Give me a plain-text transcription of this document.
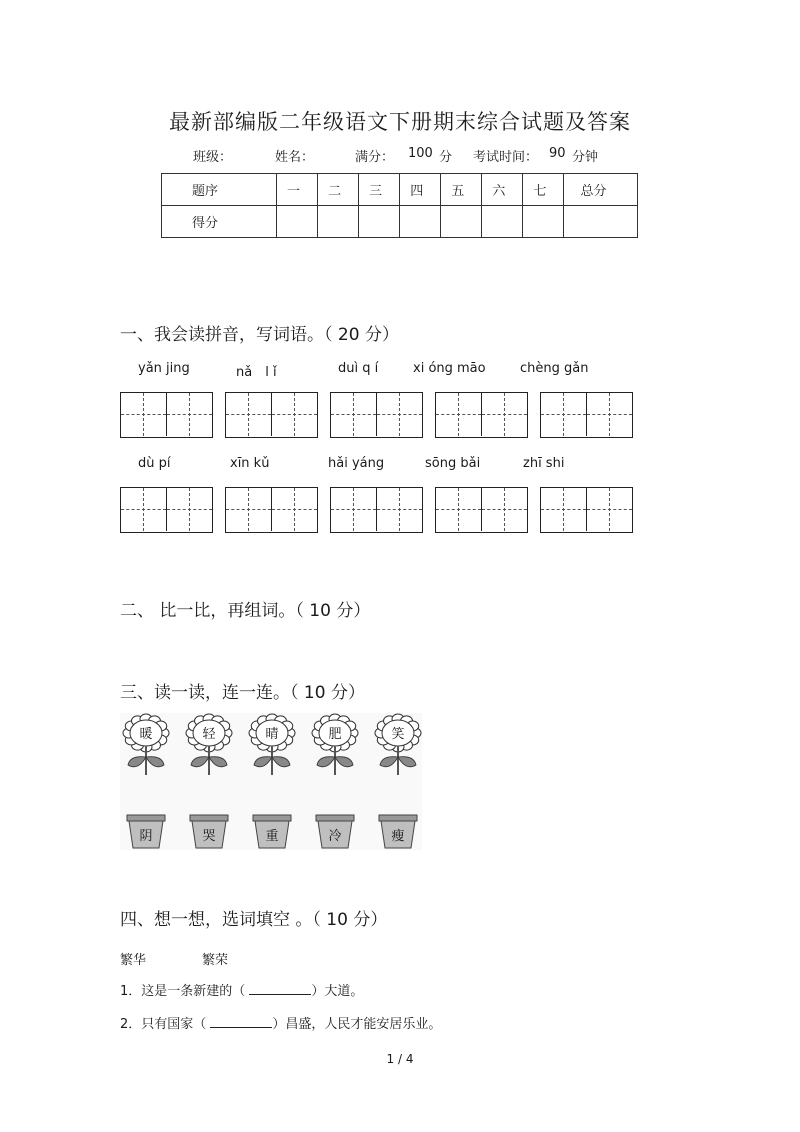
最新部编版二年级语文下册期末综合试题及答案
班级：	姓名：	满分： 100 分 考试时间： 90 分钟
题序	一	二	三	四	五	六	七	总分
得分								
一、我会读拼音，写词语。（ 20 分）
yǎn jing	nǎ　l ǐ	duì q í	xi óng māo	chèng gǎn
dù pí	xīn kǔ	hǎi yáng	sōng bǎi	zhī shi
二、 比一比，再组词。（ 10 分）
三、读一读，连一连。（ 10 分）
暖	轻	晴	肥	笑
阴	哭	重	冷	瘦
四、想一想，选词填空 。（ 10 分）
繁华	繁荣
1．这是一条新建的（	）大道。
2．只有国家（	）昌盛，人民才能安居乐业。
1 / 4
